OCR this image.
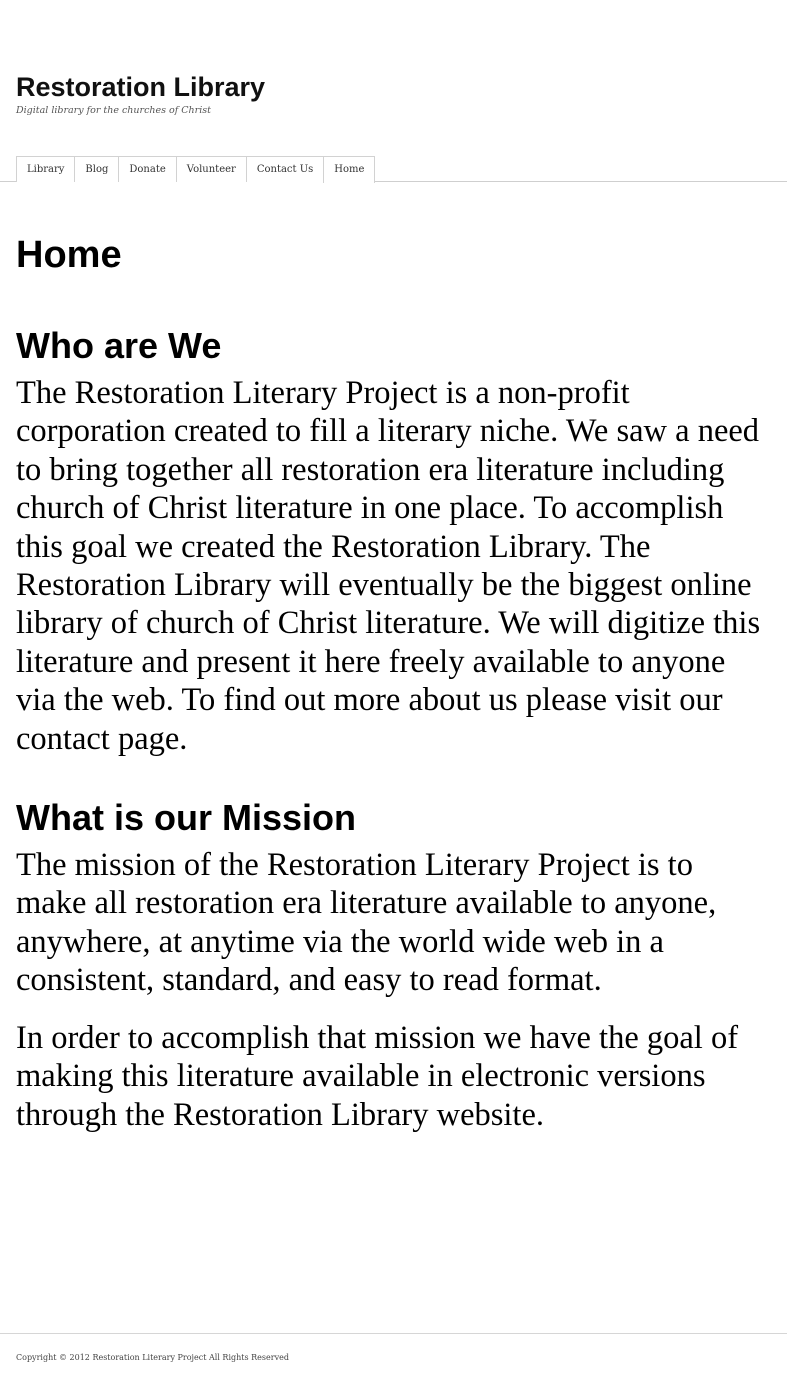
Restoration Library

Digital library for the churches of Christ

Library	Blog	Donate	Volunteer	Contact Us	Home
Home
Who are We

The Restoration Literary Project is a non-profit corporation created to fill a literary niche. We saw a need to bring together all restoration era literature including church of Christ literature in one place. To accomplish this goal we created the Restoration Library. The Restoration Library will eventually be the biggest online library of church of Christ literature. We will digitize this literature and present it here freely available to anyone via the web. To find out more about us please visit our contact page.

What is our Mission

The mission of the Restoration Literary Project is to make all restoration era literature available to anyone, anywhere, at anytime via the world wide web in a consistent, standard, and easy to read format.

In order to accomplish that mission we have the goal of making this literature available in electronic versions through the Restoration Library website.

Copyright © 2012 Restoration Literary Project All Rights Reserved
